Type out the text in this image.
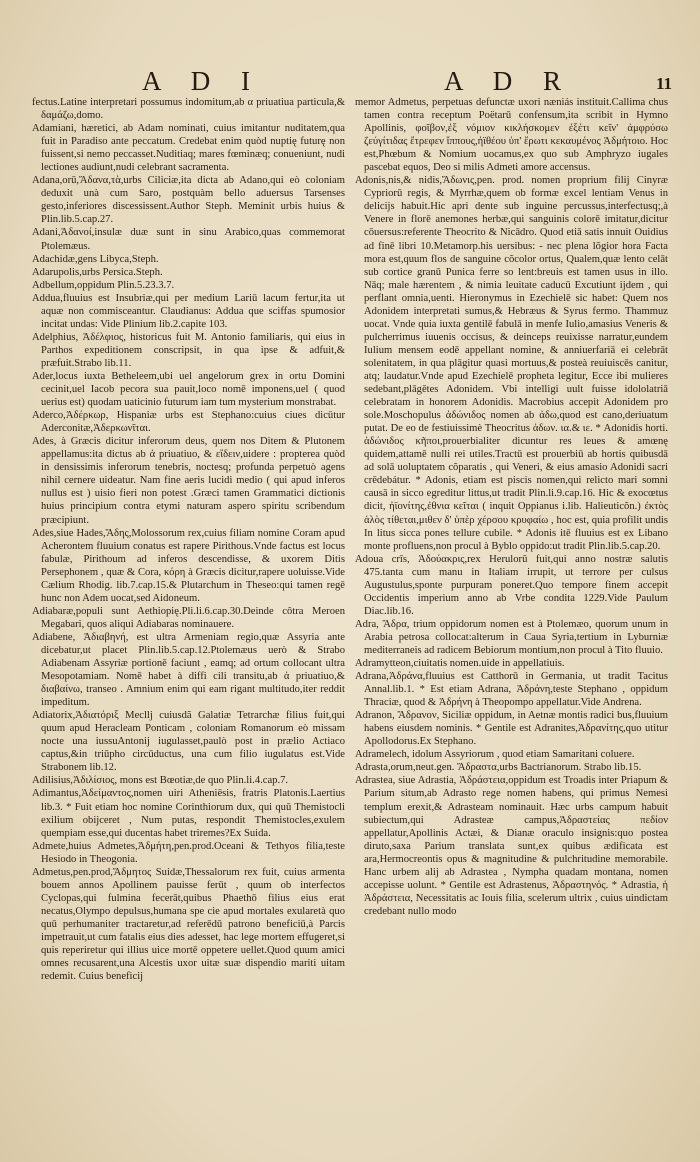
A D I	A D R	11

fectus.Latine interpretari possumus indomitum,ab α priuatiua particula,& δαμάζω,domo.

Adamiani, hæretici, ab Adam nominati, cuius imitantur nuditatem,qua fuit in Paradiso ante peccatum. Credebat enim quòd nuptię futurę non fuissent,si nemo peccasset.Nuditiaq; mares fœminæq; conueniunt, nudi lectiones audiunt,nudi celebrant sacramenta.

Adana,orū,Ἄδανα,τὰ,urbs Ciliciæ,ita dicta ab Adano,qui eò coloniam deduxit unà cum Saro, postquàm bello aduersus Tarsenses gesto,inferiores discessissent.Author Steph. Meminit urbis huius & Plin.lib.5.cap.27.

Adani,Ἀδανοί,insulæ duæ sunt in sinu Arabico,quas commemorat Ptolemæus.

Adachidæ,gens Libyca,Steph.

Adarupolis,urbs Persica.Steph.

Adbellum,oppidum Plin.5.23.3.7.

Addua,fluuius est Insubriæ,qui per medium Lariū lacum fertur,ita ut aquæ non commisceantur. Claudianus: Addua que sciffas spumosior incitat undas: Vide Plinium lib.2.capite 103.

Adelphius, Ἀδέλφιος, historicus fuit M. Antonio familiaris, qui eius in Parthos expeditionem conscripsit, in qua ipse & adfuit,& præfuit.Strabo lib.11.

Ader,locus iuxta Betheleem,ubi uel angelorum grex in ortu Domini cecinit,uel Iacob pecora sua pauit,loco nomē imponens,uel ( quod uerius est) quodam uaticinio futurum iam tum mysterium monstrabat.

Aderco,Ἀδέρκωρ, Hispaniæ urbs est Stephano:cuius ciues dicūtur Aderconitæ,Ἀδερκωνῖται.

Ades, à Græcis dicitur inferorum deus, quem nos Ditem & Plutonem appellamus:ita dictus ab ἀ priuatiuo, & εἴδειν,uidere : propterea quòd in densissimis inferorum tenebris, noctesq; profunda perpetuò agens nihil cernere uideatur. Nam fine aeris lucidi medio ( qui apud inferos nullus est ) uisio fieri non potest .Græci tamen Grammatici dictionis huius principium contra etymi naturam aspero spiritu scribendum præcipiunt.

Ades,siue Hades,Ἅδης,Molossorum rex,cuius filiam nomine Coram apud Acherontem fluuium conatus est rapere Pirithous.Vnde factus est locus fabulæ, Pirithoum ad inferos descendisse, & uxorem Ditis Persephonem , quæ & Cora, κόρη à Græcis dicitur,rapere uoluisse.Vide Cælium Rhodig. lib.7.cap.15.& Plutarchum in Theseo:qui tamen regē hunc non Adem uocat,sed Aidoneum.

Adiabaræ,populi sunt Aethiopię.Pli.li.6.cap.30.Deinde côtra Meroen Megabari, quos aliqui Adiabaras nominauere.

Adiabene, Ἀδιαβηνή, est ultra Armeniam regio,quæ Assyria ante dicebatur,ut placet Plin.lib.5.cap.12.Ptolemæus uerò & Strabo Adiabenam Assyriæ portionē faciunt , eamq; ad ortum collocant ultra Mesopotamiam. Nomē habet à diffi cili transitu,ab ἀ priuatiuo,& διαβαίνω, transeo . Amnium enim qui eam rigant multitudo,iter reddit impeditum.

Adiatorix,Ἀδιατόριξ Mecllj cuiusdã Galatiæ Tetrarchæ filius fuit,qui quum apud Heracleam Ponticam , coloniam Romanorum eò missam nocte una iussuAntonij iugulasset,paulò post in prælio Actiaco captus,&in triūpho circūductus, una cum filio iugulatus est.Vide Strabonem lib.12.

Adilisius,Ἀδιλίσιος, mons est Bœotiæ,de quo Plin.li.4.cap.7.

Adimantus,Ἀδείμαντος,nomen uiri Atheniēsis, fratris Platonis.Laertius lib.3. * Fuit etiam hoc nomine Corinthiorum dux, qui quū Themistocli exilium obijceret , Num putas, respondit Themistocles,exulem quempiam esse,qui ducentas habet triremes?Ex Suida.

Admete,huius Admetes,Ἀδμήτη,pen.prod.Oceani & Tethyos filia,teste Hesiodo in Theogonia.

Admetus,pen.prod,Ἄδμητος Suidæ,Thessalorum rex fuit, cuius armenta bouem annos Apollinem pauisse ferūt , quum ob interfectos Cyclopas,qui fulmina fecerāt,quibus Phaethō filius eius erat necatus,Olympo depulsus,humana spe cie apud mortales exularetà quo quū perhumaniter tractaretur,ad referēdū patrono beneficiū,à Parcis impetrauit,ut cum fatalis eius dies adesset, hac lege mortem effugeret,si quis reperiretur qui illius uice mortē oppetere uellet.Quod quum amici omnes recusarent,una Alcestis uxor uitæ suæ dispendio mariti uitam redemit. Cuius beneficij

memor Admetus, perpetuas defunctæ uxori næniás instituit.Callima chus tamen contra receptum Poëtarū confensum,ita scribit in Hymno Apollinis, φοῖβον,ἐξ νόμιον κικλήσκομεν ἐξέτι κεῖν' ἀμφρύσω ζεύγίτιδας ἔτρεφεν ἵππους,ἠϊθέου ὑπ' ἔρωτι κεκαυμένος Ἀδμήτοιο. Hoc est,Phœbum & Nomium uocamus,ex quo sub Amphryzo iugales pascebat equos, Deo si milis Admeti amore accensus.

Adonis,nis,& nidis,Ἄδωνις,pen. prod. nomen proprium filij Cinyræ Cypriorū regis, & Myrrhæ,quem ob formæ excel lentiam Venus in delicijs habuit.Hic apri dente sub inguine percussus,interfectusq;,à Venere in florē anemones herbæ,qui sanguinis colorē imitatur,dicitur cōuersus:referente Theocrito & Nicādro. Quod etiā satis innuit Ouidius ad finē libri 10.Metamorp.his uersibus: - nec plena lõgior hora Facta mora est,quum flos de sanguine cõcolor ortus, Qualem,quæ lento celāt sub cortice granū Punica ferre so lent:breuis est tamen usus in illo. Nāq; male hærentem , & nimia leuitate caducū Excutiunt ijdem , qui perflant omnia,uenti. Hieronymus in Ezechielē sic habet: Quem nos Adonidem interpretati sumus,& Hebræus & Syrus fermo. Thammuz uocat. Vnde quia iuxta gentilē fabulā in menfe Iulio,amasius Veneris & pulcherrimus iuuenis occisus, & deinceps reuixisse narratur,eundem Iulium mensem eodē appellant nomine, & anniuerfariā ei celebrāt solenitatem, in qua plāgitur quasi mortuus,& posteà reuiuiscēs canitur, atq; laudatur.Vnde apud Ezechielē propheta legitur, Ecce ibi mulieres sedebant,plāgētes Adonidem. Vbi intelligi uult fuisse idololatriā celebratam in honorem Adonidis. Macrobius accepit Adonidem pro sole.Moschopulus ἀδώνιδος nomen ab ἀδω,quod est cano,deriuatum putat. De eo de festiuissimè Theocritus ἀδων. ια.& ιε. * Adonidis horti. ἀδώνιδος κῆποι,prouerbialiter dicuntur res leues & amœnę quidem,attamē nulli rei utiles.Tractū est prouerbiū ab hortis quibusdā ad solā uoluptatem cõparatis , qui Veneri, & eius amasio Adonidi sacri crēdebátur. * Adonis, etiam est piscis nomen,qui relicto mari somni causā in sicco egreditur littus,ut tradit Plin.li.9.cap.16. Hic & exocœtus dicit, ἠϊονίτης,ἐθνια κεῖται ( inquit Oppianus i.lib. Halieuticõn.) ἐκτὸς ἁλὸς τίθεται,μιθεν δ' ὑπὲρ χέρσου κρυφαίω , hoc est, quia profilit undis In litus sicca pones tellure cubile. * Adonis itē fluuius est ex Libano monte profluens,non procul à Byblo oppido:ut tradit Plin.lib.5.cap.20.

Adoua crīs, Ἀδούακρις,rex Herulorū fuit,qui anno nostræ salutis 475.tanta cum manu in Italiam irrupit, ut terrore per culsus Augustulus,sponte purpuram poneret.Quo tempore finem accepit Occidentis imperium anno ab Vrbe condita 1229.Vide Paulum Diac.lib.16.

Adra, Ἄδρα, trium oppidorum nomen est à Ptolemæo, quorum unum in Arabia petrosa collocat:alterum in Caua Syria,tertium in Lyburniæ mediterraneis ad radicem Bebiorum montium,non procul à Tito fluuio.

Adramytteon,ciuitatis nomen.uide in appellatiuis.

Adrana,Ἀδράνα,fluuius est Catthorū in Germania, ut tradit Tacitus Annal.lib.1. * Est etiam Adrana, Ἀδράνη,teste Stephano , oppidum Thraciæ, quod & Ἀδρήνη à Theopompo appellatur.Vide Andrena.

Adranon, Ἄδρανον, Siciliæ oppidum, in Aetnæ montis radici bus,fluuium habens eiusdem nominis. * Gentile est Adranites,Ἀδρανίτης,quo utitur Apollodorus.Ex Stephano.

Adramelech, idolum Assyriorum , quod etiam Samaritani coluere.

Adrasta,orum,neut.gen. Ἄδραστα,urbs Bactrianorum. Strabo lib.15.

Adrastea, siue Adrastia, Ἀδράστεια,oppidum est Troadis inter Priapum & Parium situm,ab Adrasto rege nomen habens, qui primus Nemesi templum erexit,& Adrasteam nominauit. Hæc urbs campum habuit subiectum,qui Adrasteæ campus,Ἀδραστείας πεδίον appellatur,Apollinis Actæi, & Dianæ oraculo insignis:quo postea diruto,saxa Parium translata sunt,ex quibus ædificata est ara,Hermocreontis opus & magnitudine & pulchritudine memorabile. Hanc urbem alij ab Adrastea , Nympha quadam montana, nomen accepisse uolunt. * Gentile est Adrastenus, Ἀδραστηνός. * Adrastia, ἡ Ἀδράστεια, Necessitatis ac Iouis filia, scelerum ultrix , cuius uindictam credebant nullo modo
